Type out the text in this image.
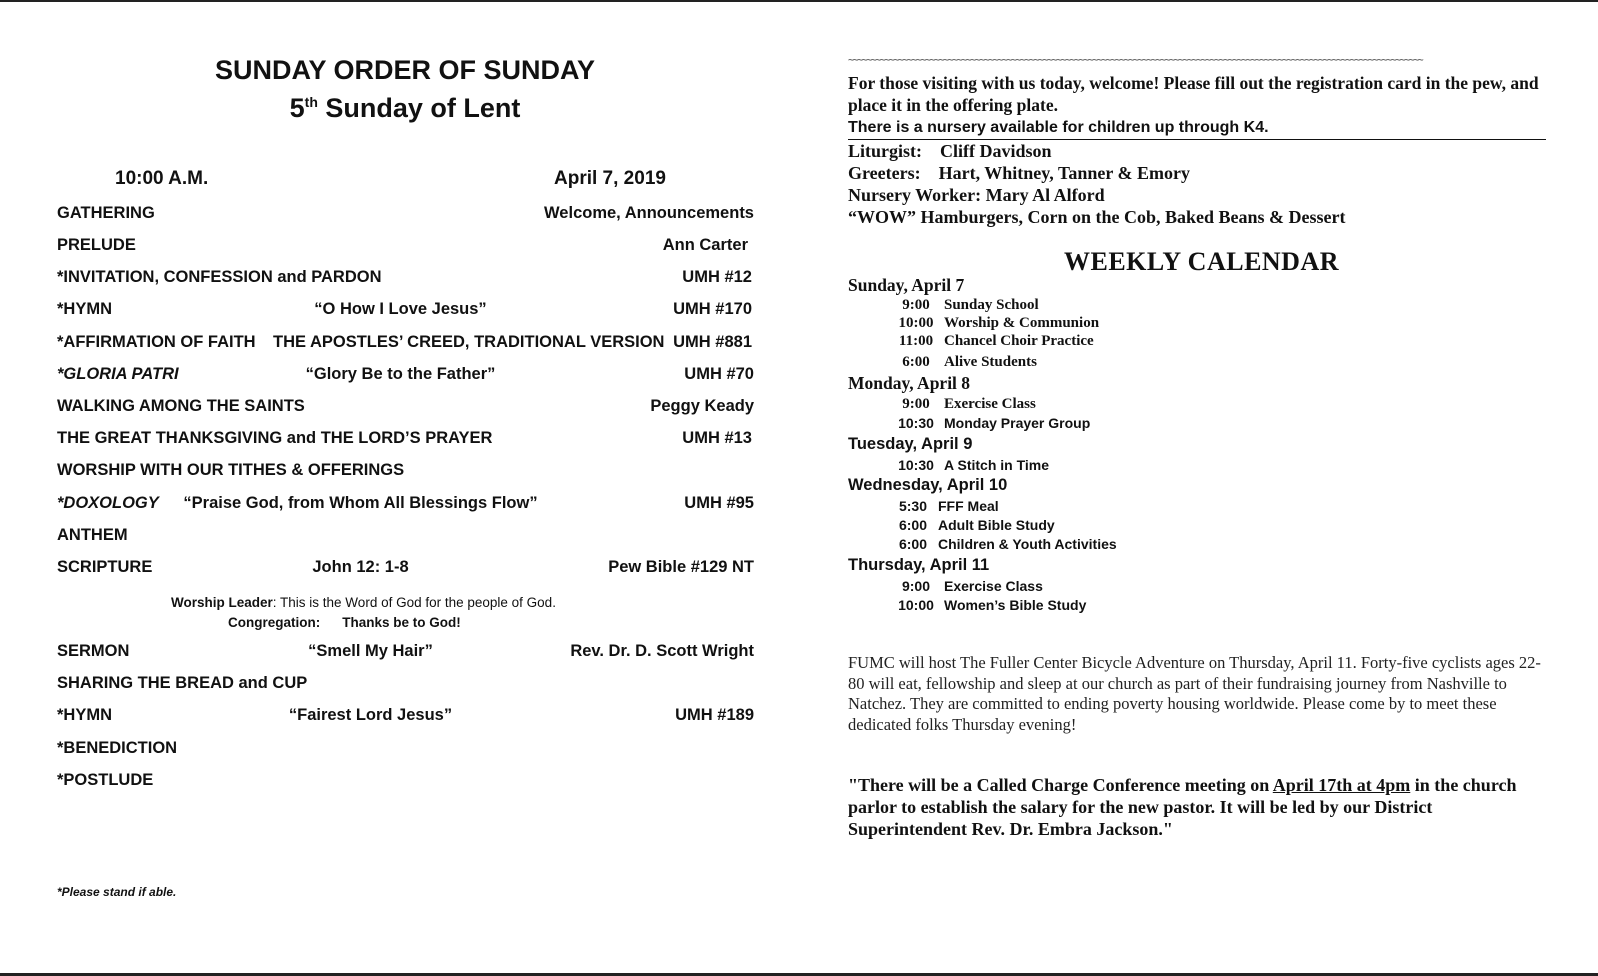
SUNDAY ORDER OF SUNDAY
5th Sunday of Lent
10:00 A.M.	April 7, 2019
GATHERING	Welcome, Announcements
PRELUDE	Ann Carter
*INVITATION, CONFESSION and PARDON	UMH #12
*HYMN	“O How I Love Jesus”	UMH #170
*AFFIRMATION OF FAITH THE APOSTLES’ CREED, TRADITIONAL VERSION UMH #881
*GLORIA PATRI	“Glory Be to the Father”	UMH #70
WALKING AMONG THE SAINTS	Peggy Keady
THE GREAT THANKSGIVING and THE LORD’S PRAYER	UMH #13
WORSHIP WITH OUR TITHES & OFFERINGS
*DOXOLOGY	“Praise God, from Whom All Blessings Flow”	UMH #95
ANTHEM
SCRIPTURE	John 12: 1-8	Pew Bible #129 NT
Worship Leader: This is the Word of God for the people of God.
Congregation: Thanks be to God!
SERMON	“Smell My Hair”	Rev. Dr. D. Scott Wright
SHARING THE BREAD and CUP
*HYMN	“Fairest Lord Jesus”	UMH #189
*BENEDICTION
*POSTLUDE
*Please stand if able.
~~~~~~~~~~~~~~~~~~~~~~~~~~~~~~~~~~~~~~~~~~~~~~~~~~~~~~~~~~~~~~~~~~~~~~~~~~~~~~~~~~~~~~~~~~~~~~~~~~~~~~~~~~~~~~~~~~~~~~~~~~~~~~~
For those visiting with us today, welcome! Please fill out the registration card in the pew, and place it in the offering plate.
There is a nursery available for children up through K4.
Liturgist: Cliff Davidson
Greeters: Hart, Whitney, Tanner & Emory
Nursery Worker: Mary Al Alford
“WOW” Hamburgers, Corn on the Cob, Baked Beans & Dessert
WEEKLY CALENDAR
Sunday, April 7
9:00 Sunday School
10:00 Worship & Communion
11:00 Chancel Choir Practice
6:00 Alive Students
Monday, April 8
9:00 Exercise Class
10:30 Monday Prayer Group
Tuesday, April 9
10:30 A Stitch in Time
Wednesday, April 10
5:30 FFF Meal
6:00 Adult Bible Study
6:00 Children & Youth Activities
Thursday, April 11
9:00 Exercise Class
10:00 Women’s Bible Study
FUMC will host The Fuller Center Bicycle Adventure on Thursday, April 11. Forty-five cyclists ages 22-80 will eat, fellowship and sleep at our church as part of their fundraising journey from Nashville to Natchez. They are committed to ending poverty housing worldwide. Please come by to meet these dedicated folks Thursday evening!
"There will be a Called Charge Conference meeting on April 17th at 4pm in the church parlor to establish the salary for the new pastor. It will be led by our District Superintendent Rev. Dr. Embra Jackson."
